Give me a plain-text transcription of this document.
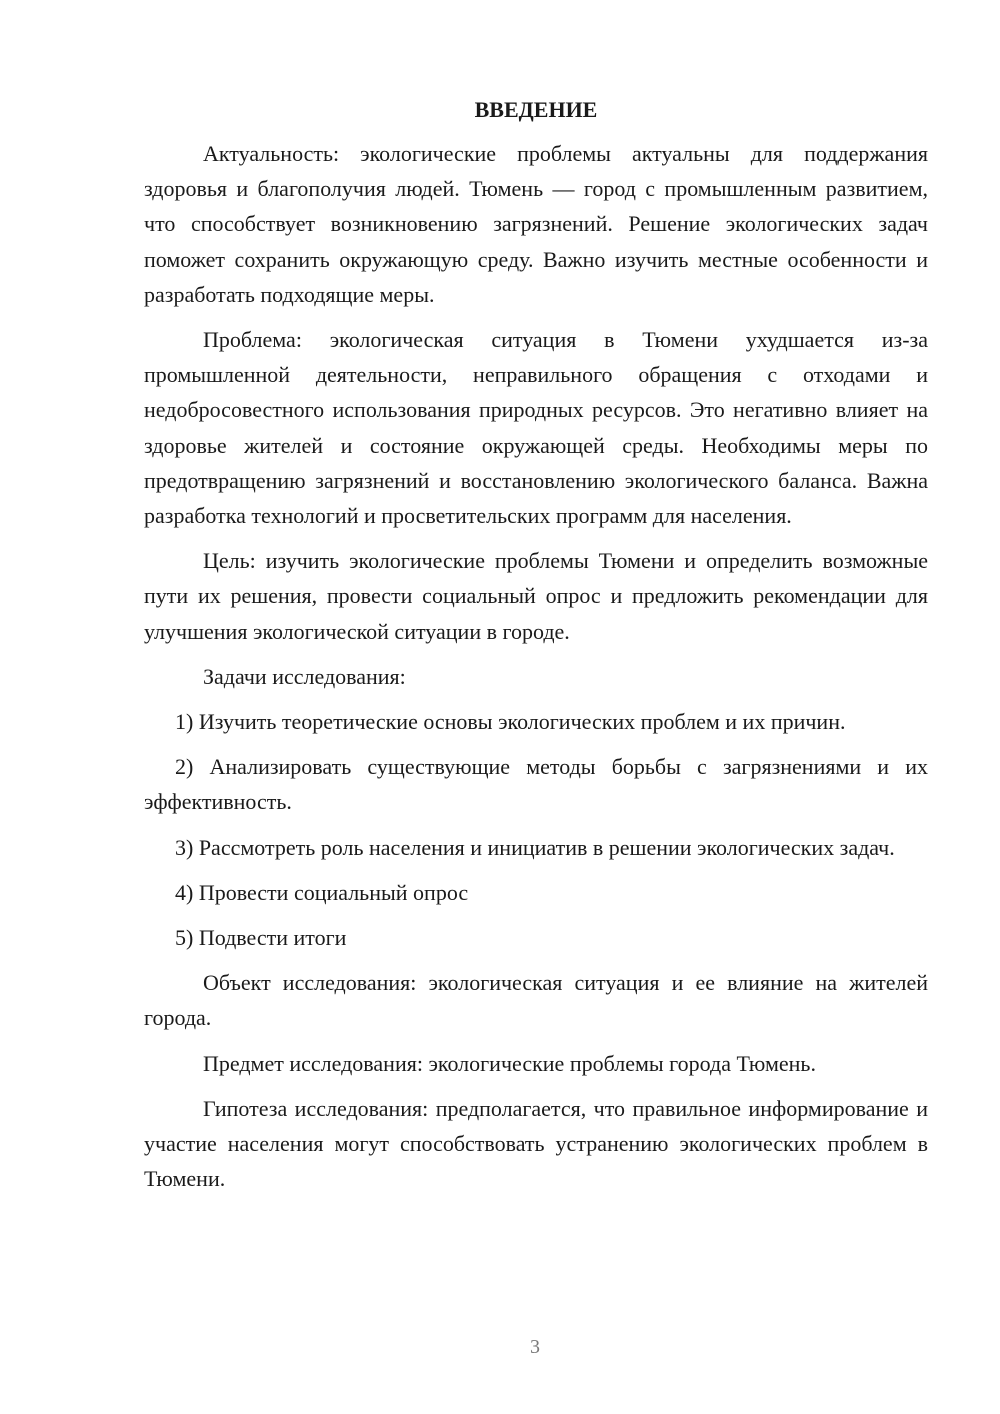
ВВЕДЕНИЕ

Актуальность: экологические проблемы актуальны для поддержания здоровья и благополучия людей. Тюмень — город с промышленным развитием, что способствует возникновению загрязнений. Решение экологических задач поможет сохранить окружающую среду. Важно изучить местные особенности и разработать подходящие меры.

Проблема: экологическая ситуация в Тюмени ухудшается из-за промышленной деятельности, неправильного обращения с отходами и недобросовестного использования природных ресурсов. Это негативно влияет на здоровье жителей и состояние окружающей среды. Необходимы меры по предотвращению загрязнений и восстановлению экологического баланса. Важна разработка технологий и просветительских программ для населения.

Цель: изучить экологические проблемы Тюмени и определить возможные пути их решения, провести социальный опрос и предложить рекомендации для улучшения экологической ситуации в городе.

Задачи исследования:

1) Изучить теоретические основы экологических проблем и их причин.

2) Анализировать существующие методы борьбы с загрязнениями и их эффективность.

3) Рассмотреть роль населения и инициатив в решении экологических задач.

4) Провести социальный опрос

5) Подвести итоги

Объект исследования: экологическая ситуация и ее влияние на жителей города.

Предмет исследования: экологические проблемы города Тюмень.

Гипотеза исследования: предполагается, что правильное информирование и участие населения могут способствовать устранению экологических проблем в Тюмени.

3
